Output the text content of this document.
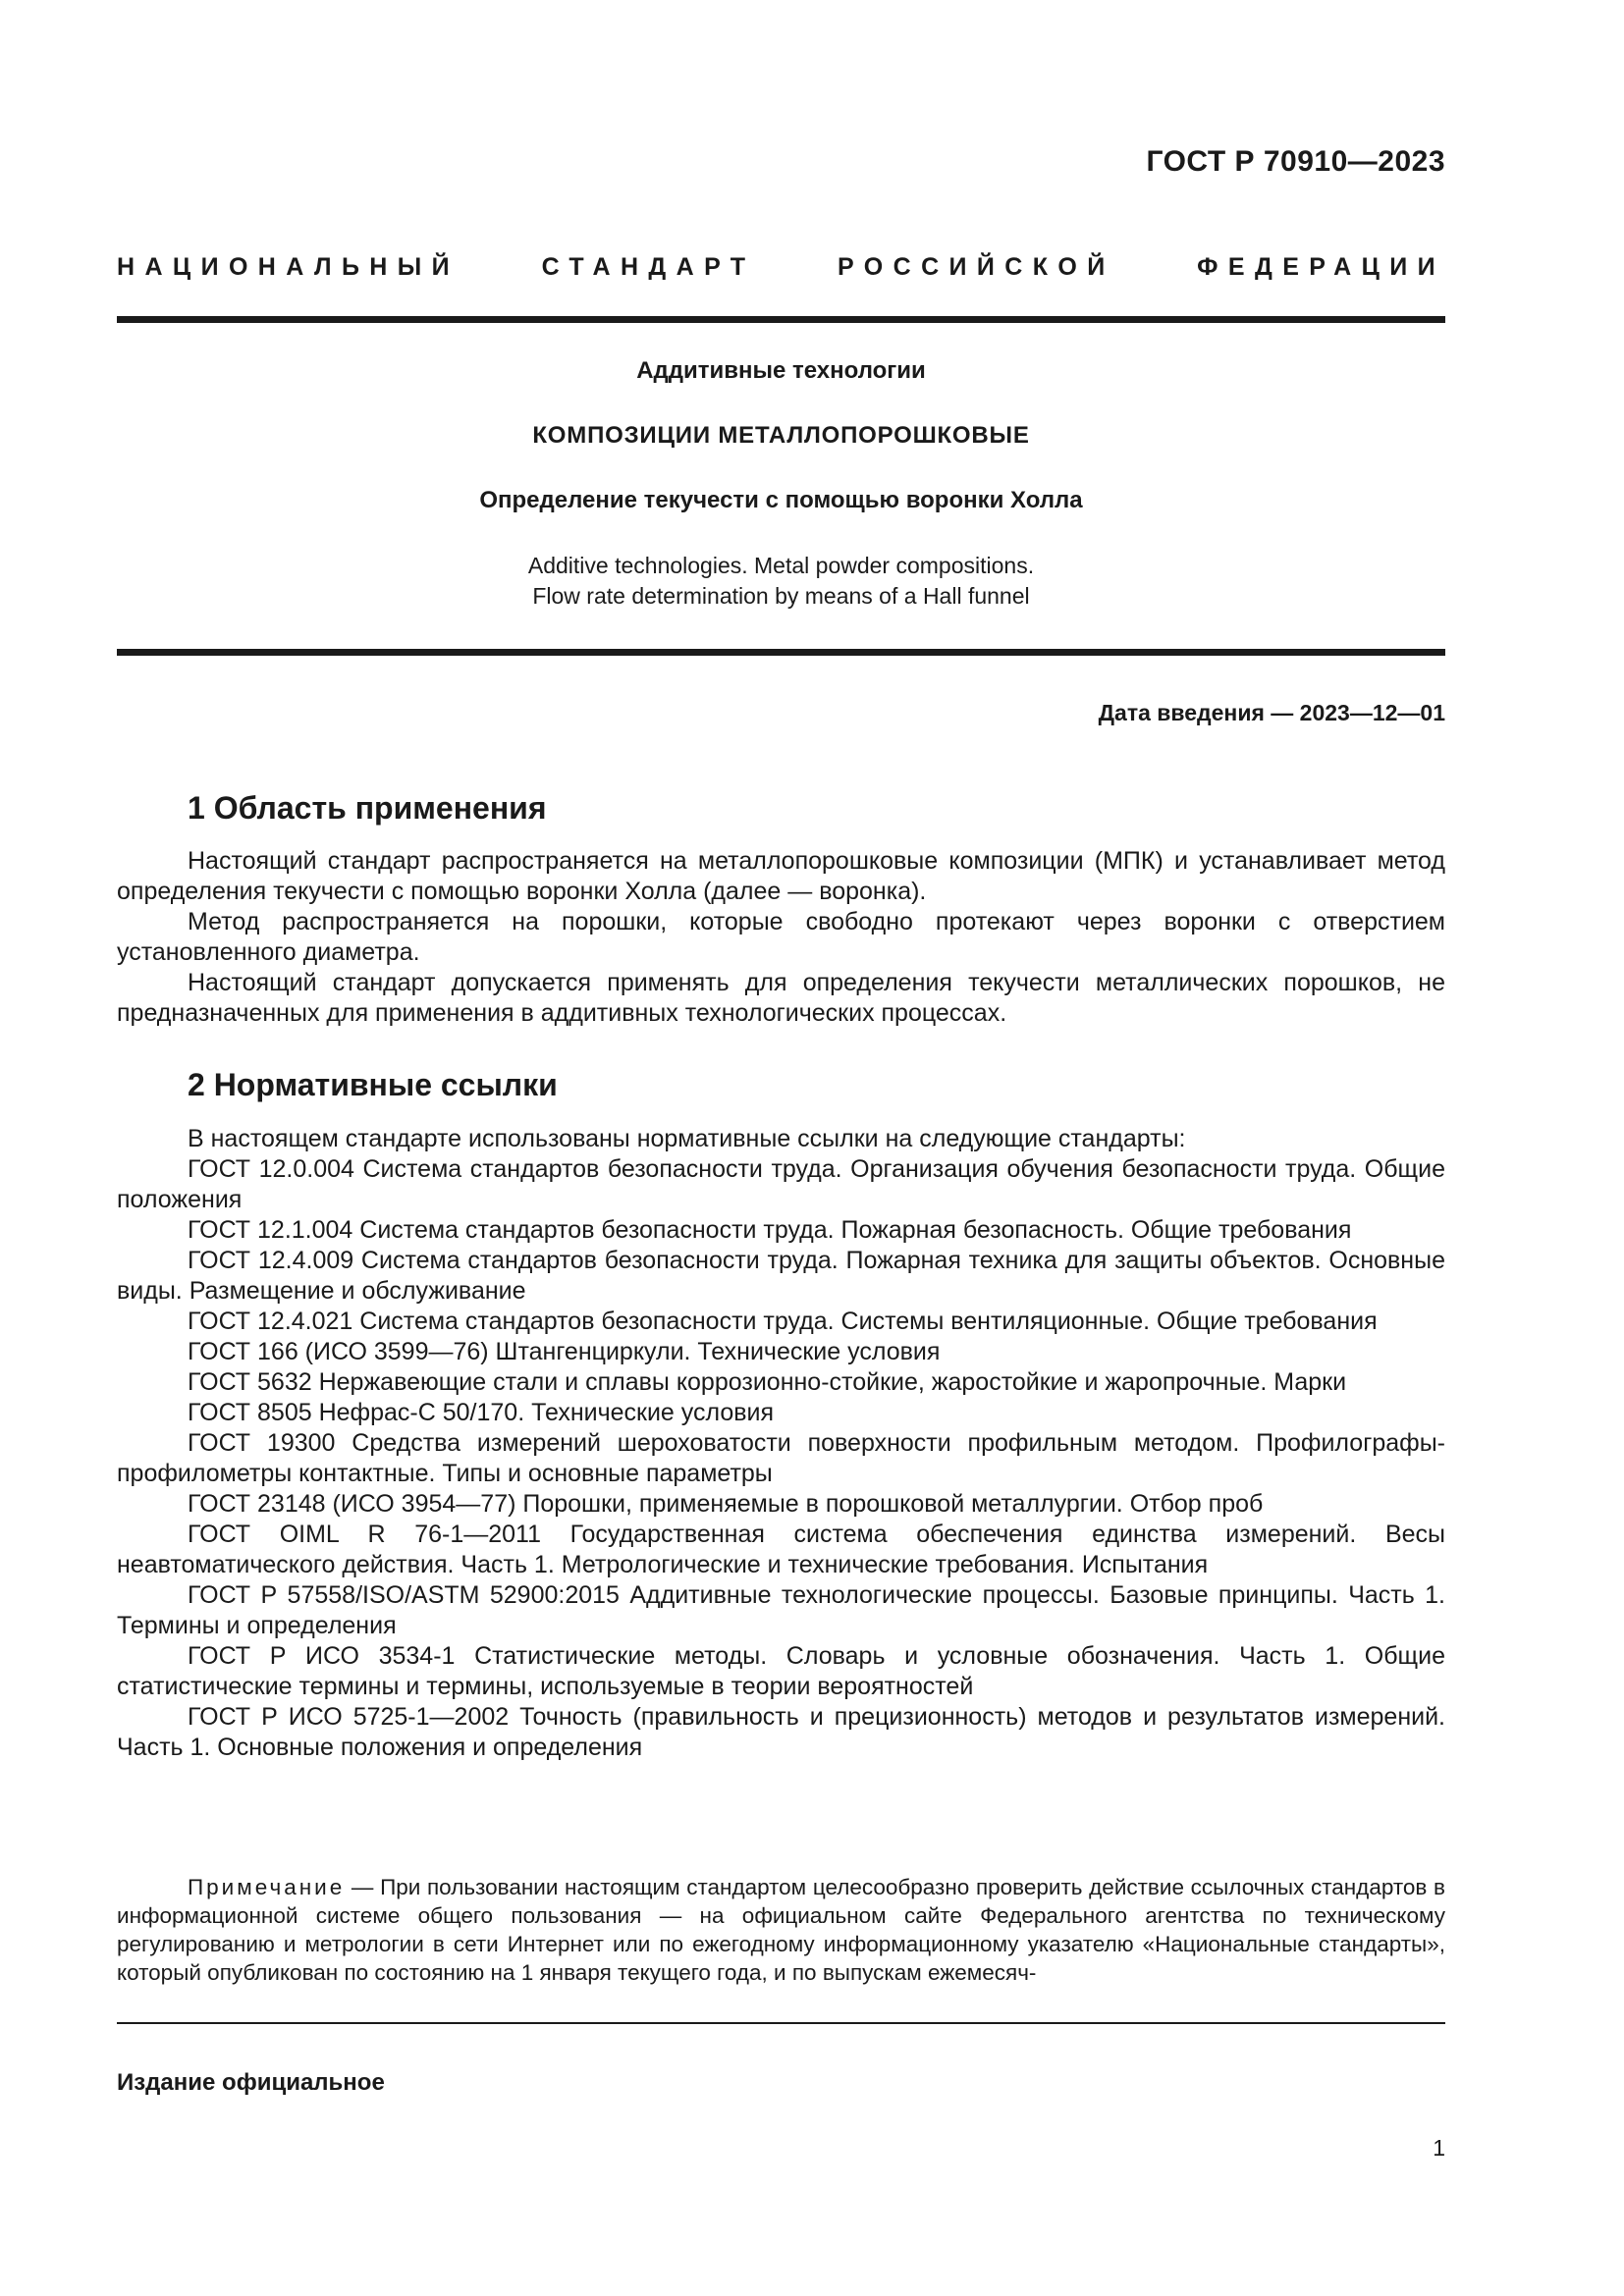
ГОСТ Р 70910—2023
НАЦИОНАЛЬНЫЙ СТАНДАРТ РОССИЙСКОЙ ФЕДЕРАЦИИ
Аддитивные технологии
КОМПОЗИЦИИ МЕТАЛЛОПОРОШКОВЫЕ
Определение текучести с помощью воронки Холла
Additive technologies. Metal powder compositions.
Flow rate determination by means of a Hall funnel
Дата введения — 2023—12—01
1 Область применения

Настоящий стандарт распространяется на металлопорошковые композиции (МПК) и устанавливает метод определения текучести с помощью воронки Холла (далее — воронка).

Метод распространяется на порошки, которые свободно протекают через воронки с отверстием установленного диаметра.

Настоящий стандарт допускается применять для определения текучести металлических порошков, не предназначенных для применения в аддитивных технологических процессах.

2 Нормативные ссылки

В настоящем стандарте использованы нормативные ссылки на следующие стандарты:

ГОСТ 12.0.004 Система стандартов безопасности труда. Организация обучения безопасности труда. Общие положения

ГОСТ 12.1.004 Система стандартов безопасности труда. Пожарная безопасность. Общие требования

ГОСТ 12.4.009 Система стандартов безопасности труда. Пожарная техника для защиты объектов. Основные виды. Размещение и обслуживание

ГОСТ 12.4.021 Система стандартов безопасности труда. Системы вентиляционные. Общие требования

ГОСТ 166 (ИСО 3599—76) Штангенциркули. Технические условия

ГОСТ 5632 Нержавеющие стали и сплавы коррозионно-стойкие, жаростойкие и жаропрочные. Марки

ГОСТ 8505 Нефрас-С 50/170. Технические условия

ГОСТ 19300 Средства измерений шероховатости поверхности профильным методом. Профилографы-профилометры контактные. Типы и основные параметры

ГОСТ 23148 (ИСО 3954—77) Порошки, применяемые в порошковой металлургии. Отбор проб

ГОСТ OIML R 76-1—2011 Государственная система обеспечения единства измерений. Весы неавтоматического действия. Часть 1. Метрологические и технические требования. Испытания

ГОСТ Р 57558/ISO/ASTM 52900:2015 Аддитивные технологические процессы. Базовые принципы. Часть 1. Термины и определения

ГОСТ Р ИСО 3534-1 Статистические методы. Словарь и условные обозначения. Часть 1. Общие статистические термины и термины, используемые в теории вероятностей

ГОСТ Р ИСО 5725-1—2002 Точность (правильность и прецизионность) методов и результатов измерений. Часть 1. Основные положения и определения

Примечание — При пользовании настоящим стандартом целесообразно проверить действие ссылочных стандартов в информационной системе общего пользования — на официальном сайте Федерального агентства по техническому регулированию и метрологии в сети Интернет или по ежегодному информационному указателю «Национальные стандарты», который опубликован по состоянию на 1 января текущего года, и по выпускам ежемесяч-
Издание официальное
1
